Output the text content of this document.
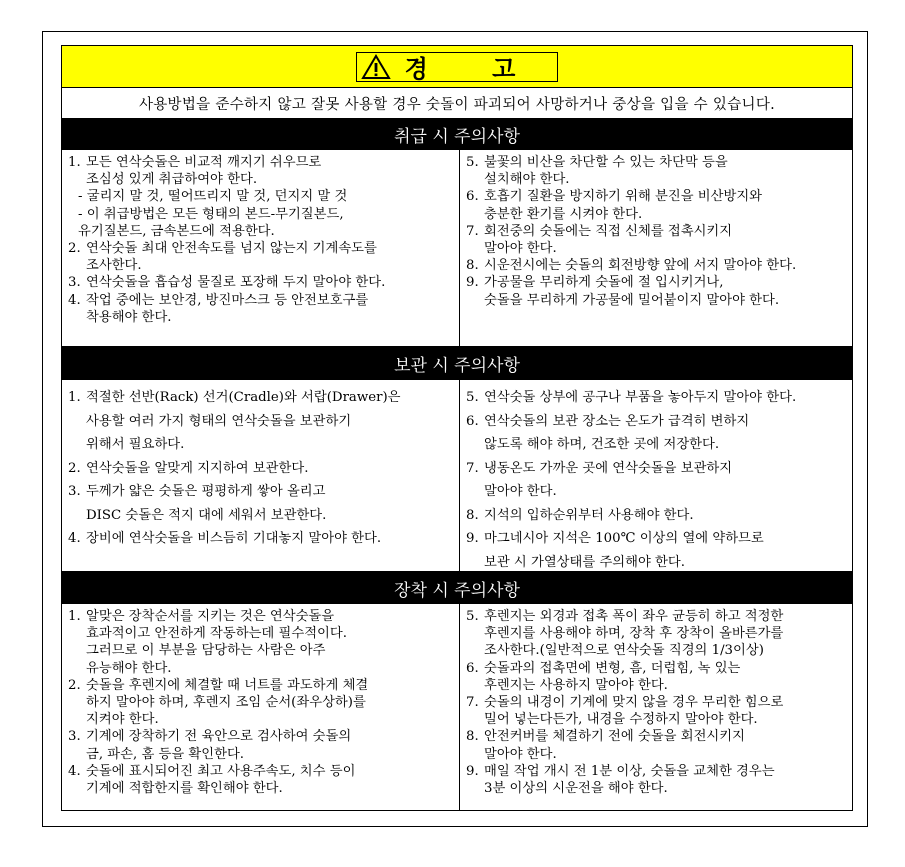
경 고
사용방법을 준수하지 않고 잘못 사용할 경우 숫돌이 파괴되어 사망하거나 중상을 입을 수 있습니다.
취급 시 주의사항
1. 모든 연삭숫돌은 비교적 깨지기 쉬우므로
조심성 있게 취급하여야 한다.
- 굴리지 말 것, 떨어뜨리지 말 것, 던지지 말 것
- 이 취급방법은 모든 형태의 본드-무기질본드,
유기질본드, 금속본드에 적용한다.
2. 연삭숫돌 최대 안전속도를 넘지 않는지 기계속도를
조사한다.
3. 연삭숫돌을 흡습성 물질로 포장해 두지 말아야 한다.
4. 작업 중에는 보안경, 방진마스크 등 안전보호구를
착용해야 한다.
5. 불꽃의 비산을 차단할 수 있는 차단막 등을
설치해야 한다.
6. 호흡기 질환을 방지하기 위해 분진을 비산방지와
충분한 환기를 시켜야 한다.
7. 회전중의 숫돌에는 직접 신체를 접촉시키지
말아야 한다.
8. 시운전시에는 숫돌의 회전방향 앞에 서지 말아야 한다.
9. 가공물을 무리하게 숫돌에 절 입시키거나,
숫돌을 무리하게 가공물에 밀어붙이지 말아야 한다.
보관 시 주의사항
1. 적절한 선반(Rack) 선거(Cradle)와 서랍(Drawer)은
사용할 여러 가지 형태의 연삭숫돌을 보관하기
위해서 필요하다.
2. 연삭숫돌을 알맞게 지지하여 보관한다.
3. 두께가 얇은 숫돌은 평평하게 쌓아 올리고
DISC 숫돌은 적지 대에 세워서 보관한다.
4. 장비에 연삭숫돌을 비스듬히 기대놓지 말아야 한다.
5. 연삭숫돌 상부에 공구나 부품을 놓아두지 말아야 한다.
6. 연삭숫돌의 보관 장소는 온도가 급격히 변하지
않도록 해야 하며, 건조한 곳에 저장한다.
7. 냉동온도 가까운 곳에 연삭숫돌을 보관하지
말아야 한다.
8. 지석의 입하순위부터 사용해야 한다.
9. 마그네시아 지석은 100℃ 이상의 열에 약하므로
보관 시 가열상태를 주의해야 한다.
장착 시 주의사항
1. 알맞은 장착순서를 지키는 것은 연삭숫돌을
효과적이고 안전하게 작동하는데 필수적이다.
그러므로 이 부분을 담당하는 사람은 아주
유능해야 한다.
2. 숫돌을 후렌지에 체결할 때 너트를 과도하게 체결
하지 말아야 하며, 후렌지 조임 순서(좌우상하)를
지켜야 한다.
3. 기계에 장착하기 전 육안으로 검사하여 숫돌의
금, 파손, 홈 등을 확인한다.
4. 숫돌에 표시되어진 최고 사용주속도, 치수 등이
기계에 적합한지를 확인해야 한다.
5. 후렌지는 외경과 접촉 폭이 좌우 균등히 하고 적정한
후렌지를 사용해야 하며, 장착 후 장착이 올바른가를
조사한다.(일반적으로 연삭숫돌 직경의 1/3이상)
6. 숫돌과의 접촉면에 변형, 흠, 더럽힘, 녹 있는
후렌지는 사용하지 말아야 한다.
7. 숫돌의 내경이 기계에 맞지 않을 경우 무리한 힘으로
밀어 넣는다든가, 내경을 수정하지 말아야 한다.
8. 안전커버를 체결하기 전에 숫돌을 회전시키지
말아야 한다.
9. 매일 작업 개시 전 1분 이상, 숫돌을 교체한 경우는
3분 이상의 시운전을 해야 한다.
